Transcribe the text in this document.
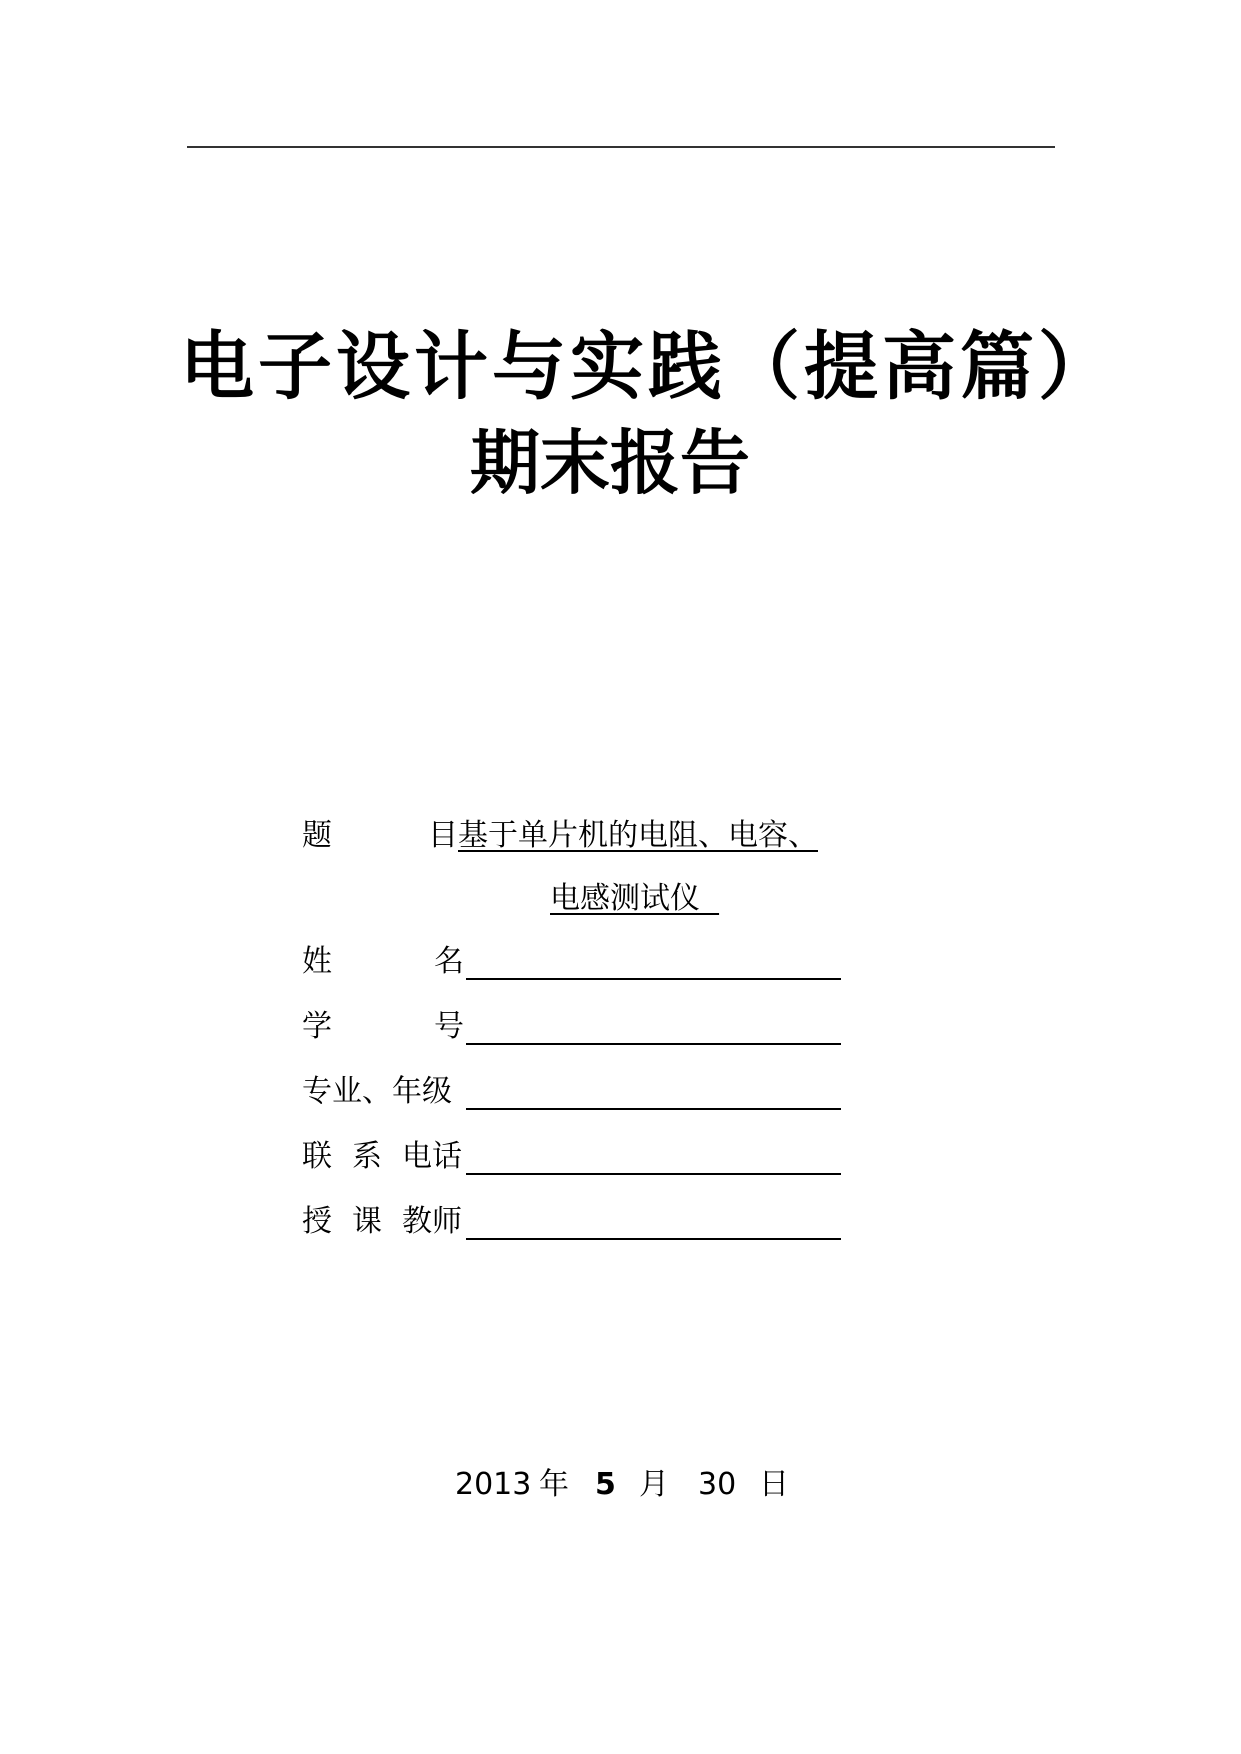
电子设计与实践（提高篇）
期末报告
题	目 基于单片机的电阻、电容、
电感测试仪
姓	名
学	号
专业、年级
联 系 电话
授 课 教师
2013 年 5 月 30 日
